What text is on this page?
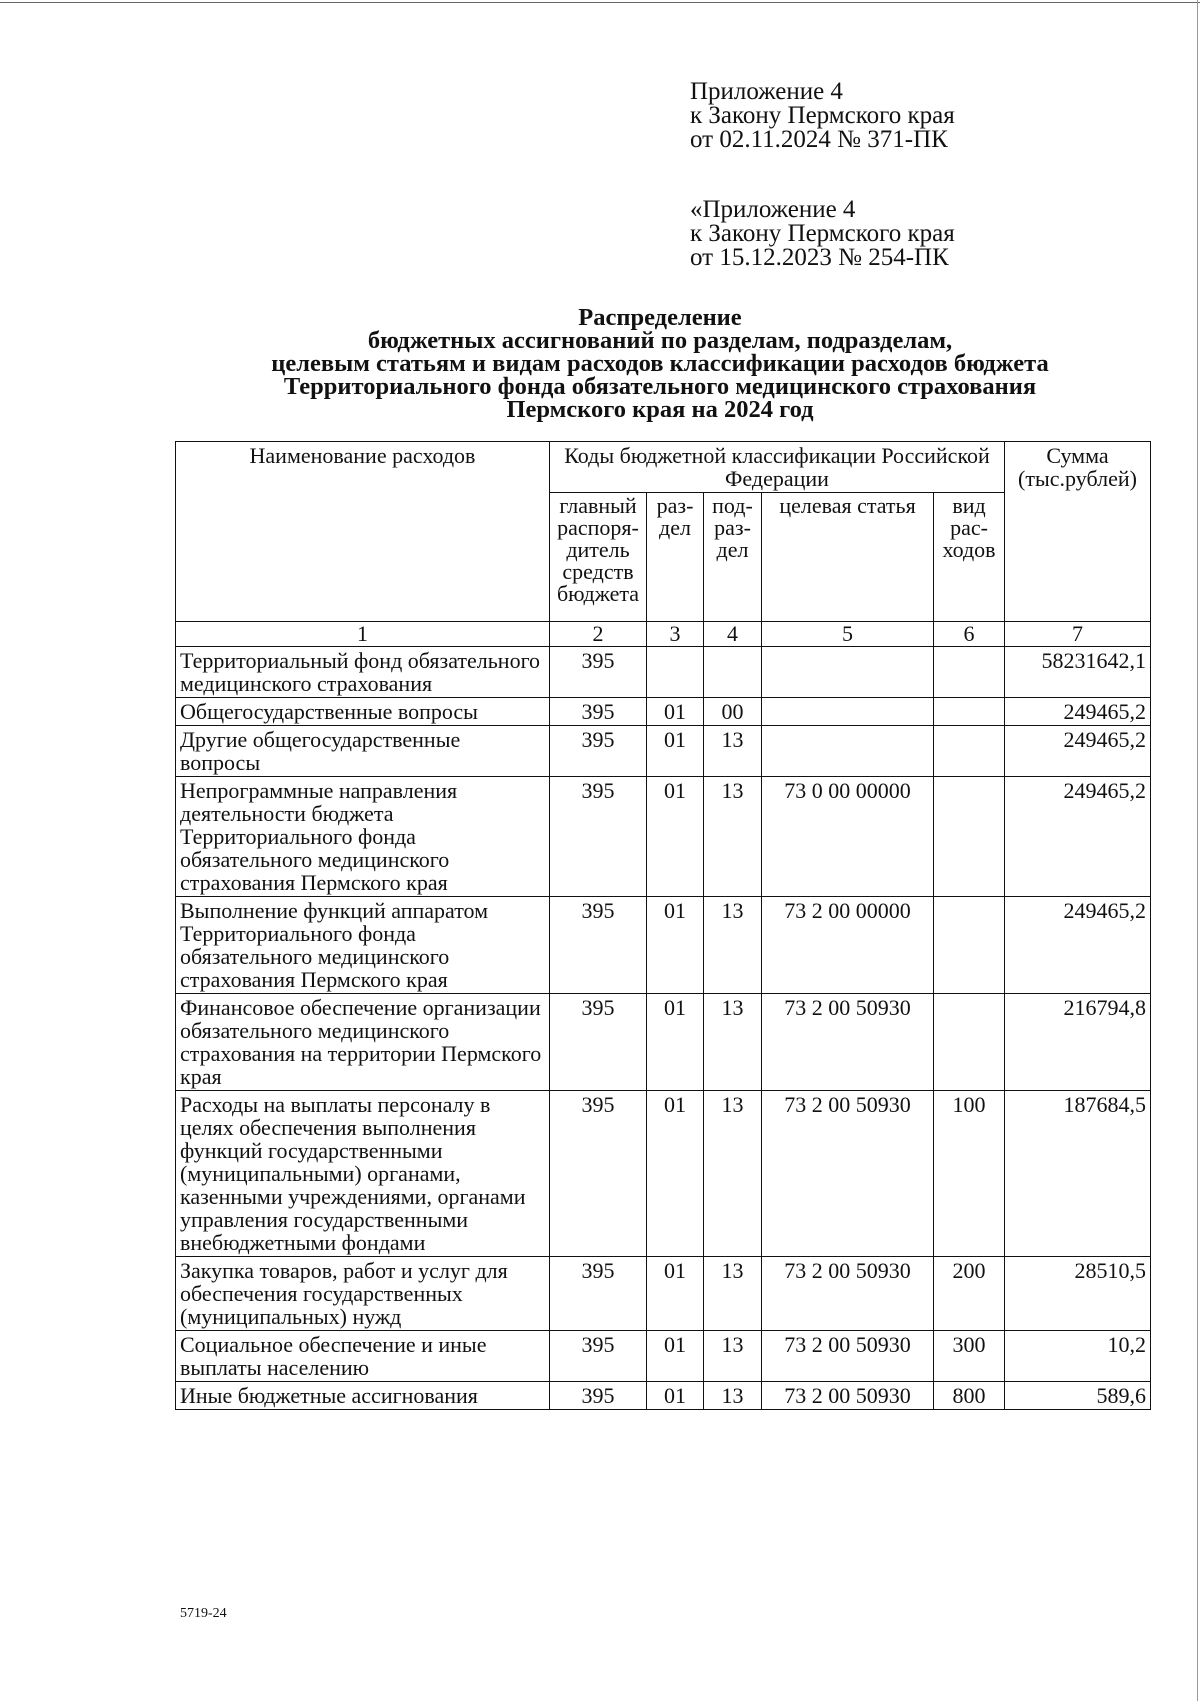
Приложение 4
к Закону Пермского края
от 02.11.2024 № 371-ПК
«Приложение 4
к Закону Пермского края
от 15.12.2023 № 254-ПК
Распределение
бюджетных ассигнований по разделам, подразделам,
целевым статьям и видам расходов классификации расходов бюджета
Территориального фонда обязательного медицинского страхования
Пермского края на 2024 год
Наименование расходов	Коды бюджетной классификации Российской Федерации					Сумма (тыс.рублей)
	главный распоря-дитель средств бюджета	раз-дел	под-раз-дел	целевая статья	вид рас-ходов	
1	2	3	4	5	6	7
Территориальный фонд обязательного медицинского страхования	395					58231642,1
Общегосударственные вопросы	395	01	00			249465,2
Другие общегосударственные вопросы	395	01	13			249465,2
Непрограммные направления деятельности бюджета Территориального фонда обязательного медицинского страхования Пермского края	395	01	13	73 0 00 00000		249465,2
Выполнение функций аппаратом Территориального фонда обязательного медицинского страхования Пермского края	395	01	13	73 2 00 00000		249465,2
Финансовое обеспечение организации обязательного медицинского страхования на территории Пермского края	395	01	13	73 2 00 50930		216794,8
Расходы на выплаты персоналу в целях обеспечения выполнения функций государственными (муниципальными) органами, казенными учреждениями, органами управления государственными внебюджетными фондами	395	01	13	73 2 00 50930	100	187684,5
Закупка товаров, работ и услуг для обеспечения государственных (муниципальных) нужд	395	01	13	73 2 00 50930	200	28510,5
Социальное обеспечение и иные выплаты населению	395	01	13	73 2 00 50930	300	10,2
Иные бюджетные ассигнования	395	01	13	73 2 00 50930	800	589,6
5719-24
